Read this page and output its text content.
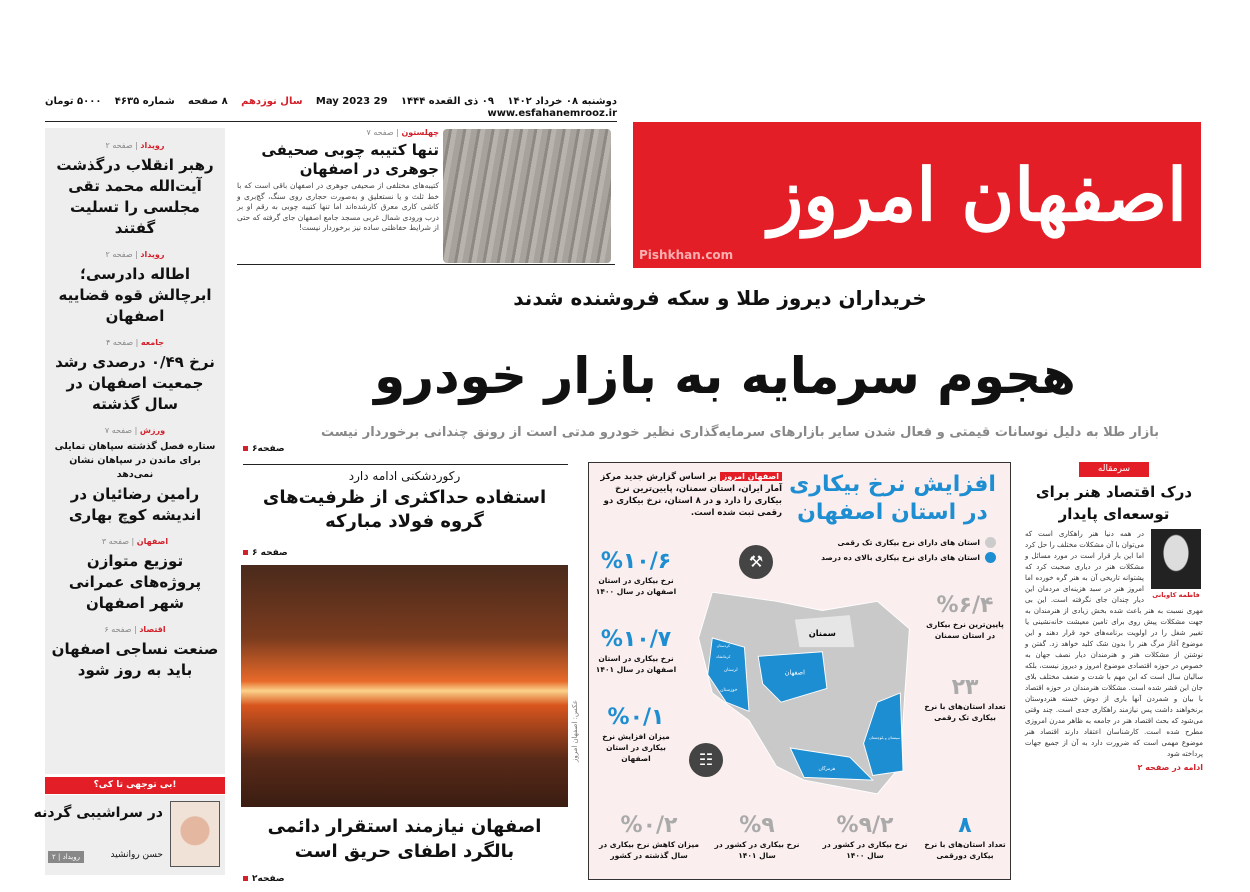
دوشنبه ۰۸ خرداد ۱۴۰۲
۰۹ ذی القعده ۱۴۴۴
29 May 2023
سال نوزدهم
۸ صفحه
شماره ۴۶۳۵
۵۰۰۰ تومان
www.esfahanemrooz.ir
اصفهان امروز
Pishkhan.com
چهلستون | صفحه ۷
تنها کتیبه چوبی صحیفی جوهری در اصفهان

کتیبه‌های مختلفی از صحیفی جوهری در اصفهان باقی است که با خط ثلث و یا نستعلیق و به‌صورت حجاری روی سنگ، گچ‌بری و کاشی کاری معرق کارشده‌اند اما تنها کتیبه چوبی به رقم او بر درب ورودی شمال غربی مسجد جامع اصفهان جای گرفته که حتی از شرایط حفاظتی ساده نیز برخوردار نیست!

رویداد | صفحه ۲
رهبر انقلاب درگذشت آیت‌الله محمد تقی مجلسی را تسلیت گفتند
رویداد | صفحه ۲
اطاله دادرسی؛ ابرچالش قوه قضاییه اصفهان
جامعه | صفحه ۴
نرخ ۰/۴۹ درصدی رشد جمعیت اصفهان در سال گذشته
ورزش | صفحه ۷
ستاره فصل گذشته سپاهان تمایلی برای ماندن در سپاهان نشان نمی‌دهد
رامین رضائیان در اندیشه کوچ بهاری
اصفهان | صفحه ۳
توزیع متوازن پروژه‌های عمرانی شهر اصفهان
اقتصاد | صفحه ۶
صنعت نساجی اصفهان باید به روز شود
بی توجهی تا کی؟!
در سراشیبی گردنه
حسن روانشید
رویداد | ۲
خریداران دیروز طلا و سکه فروشنده شدند
هجوم سرمایه به بازار خودرو
بازار طلا به دلیل نوسانات قیمتی و فعال شدن سایر بازارهای سرمایه‌گذاری نظیر خودرو مدتی است از رونق چندانی برخوردار نیست
صفحه۶
رکوردشکنی ادامه دارد
استفاده حداکثری از ظرفیت‌های گروه فولاد مبارکه
صفحه ۶
عکس: اصفهان امروز
اصفهان نیازمند استقرار دائمی بالگرد اطفای حریق است
صفحه۲
افزایش نرخ بیکاری در استان اصفهان
اصفهان امروزبر اساس گزارش جدید مرکز آمار ایران، استان سمنان، پایین‌ترین نرخ بیکاری را دارد و در ۸ استان، نرخ بیکاری دو رقمی ثبت شده است.
استان های دارای نرخ بیکاری تک رقمی
استان های دارای نرخ بیکاری بالای ده درصد
⚒
☷
سمنان
اصفهان
خوزستان
لرستان
کرمانشاه
کردستان
هرمزگان
سیستان و بلوچستان
%۱۰/۶
نرخ بیکاری در استان اصفهان در سال ۱۴۰۰
%۱۰/۷
نرخ بیکاری در استان اصفهان در سال ۱۴۰۱
%۰/۱
میزان افزایش نرخ بیکاری در استان اصفهان
%۶/۴
پایین‌ترین نرخ بیکاری در استان سمنان
۲۳
تعداد استان‌های با نرخ بیکاری تک رقمی
۸
تعداد استان‌های با نرخ بیکاری دورقمی
%۹/۲
نرخ بیکاری در کشور در سال ۱۴۰۰
%۹
نرخ بیکاری در کشور در سال ۱۴۰۱
%۰/۲
میزان کاهش نرخ بیکاری در سال گذشته در کشور
سرمقاله
درک اقتصاد هنر برای توسعه‌ای پایدار
فاطمه کاویانی

در همه دنیا هنر راهکاری است که می‌توان با آن مشکلات مختلف را حل کرد اما این بار قرار است در مورد مسائل و مشکلات هنر در دیاری صحبت کرد که پشتوانه تاریخی آن به هنر گره خورده اما امروز هنر در سبد هزینه‌ای مردمان این دیار چندان جای نگرفته است. این بی مهری نسبت به هنر باعث شده بخش زیادی از هنرمندان به جهت مشکلات پیش روی برای تامین معیشت خانه‌نشینی یا تغییر شغل را در اولویت برنامه‌های خود قرار دهند و این موضوع آغاز مرگ هنر را بدون شک کلید خواهد زد. گفتن و نوشتن از مشکلات هنر و هنرمندان دیار نصف جهان به خصوص در حوزه اقتصادی موضوع امروز و دیروز نیست، بلکه سالیان سال است که این مهم با شدت و ضعف مختلف بلای جان این قشر شده است. مشکلات هنرمندان در حوزه اقتصاد با بیان و شمردن آنها باری از دوش خسته هنردوستان برنخواهند داشت پس نیازمند راهکاری جدی است. چند وقتی می‌شود که بحث اقتصاد هنر در جامعه به ظاهر مدرن امروزی مطرح شده است. کارشناسان اعتقاد دارند اقتصاد هنر موضوع مهمی است که ضرورت دارد به آن از جمیع جهات پرداخته شود

ادامه در صفحه ۲
